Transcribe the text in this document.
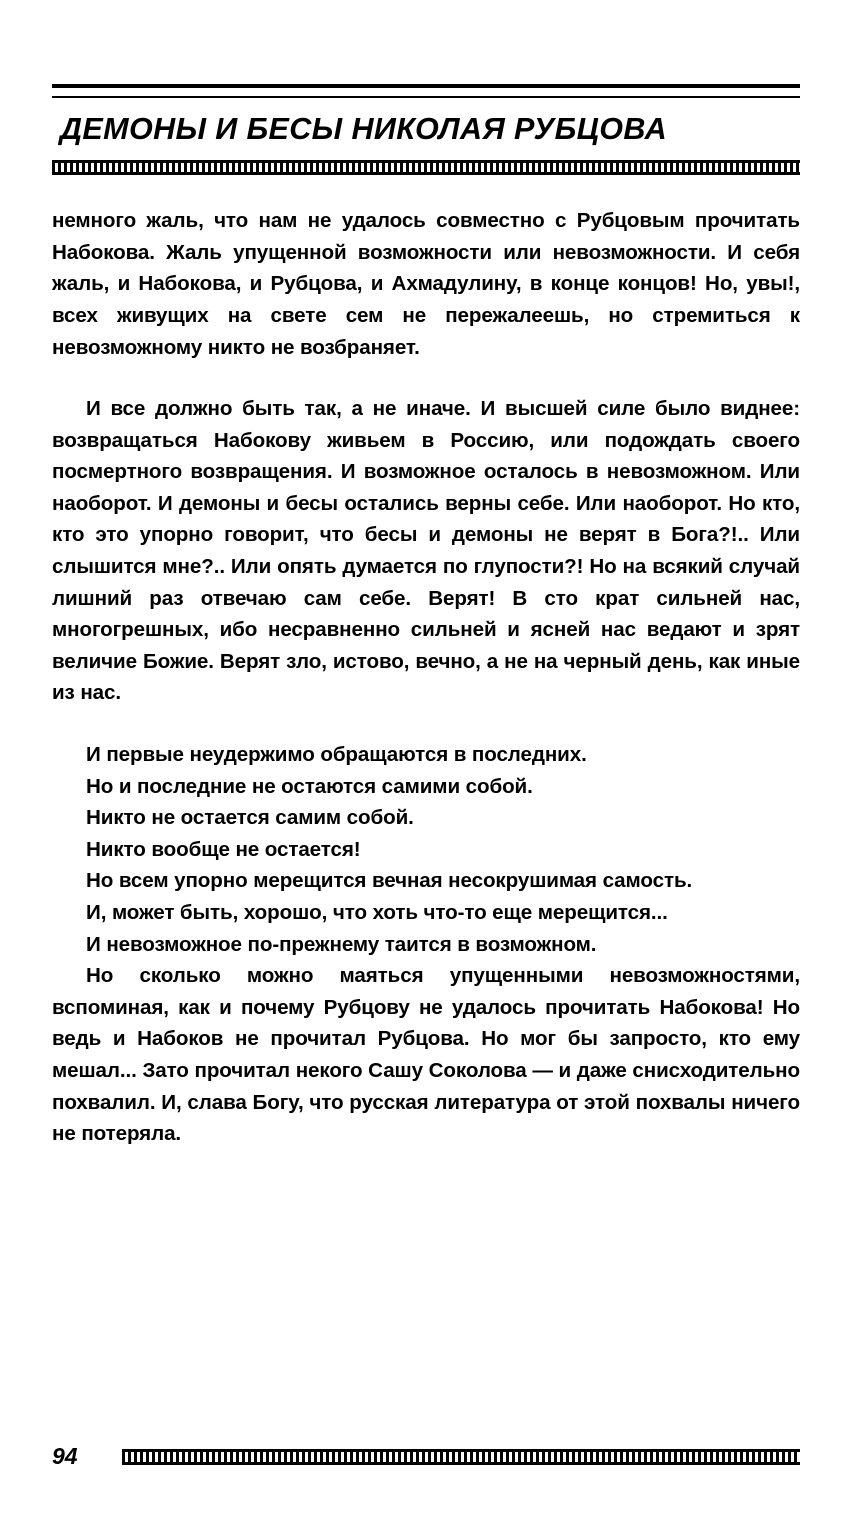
ДЕМОНЫ И БЕСЫ НИКОЛАЯ РУБЦОВА

немного жаль, что нам не удалось совместно с Рубцовым прочитать Набокова. Жаль упущенной возможности или невозможности. И себя жаль, и Набокова, и Рубцова, и Ахмадулину, в конце концов! Но, увы!, всех живущих на свете сем не пережалеешь, но стремиться к невозможному никто не возбраняет.

И все должно быть так, а не иначе. И высшей силе было виднее: возвращаться Набокову живьем в Россию, или подождать своего посмертного возвращения. И возможное осталось в невозможном. Или наоборот. И демоны и бесы остались верны себе. Или наоборот. Но кто, кто это упорно говорит, что бесы и демоны не верят в Бога?!.. Или слышится мне?.. Или опять думается по глупости?! Но на всякий случай лишний раз отвечаю сам себе. Верят! В сто крат сильней нас, многогрешных, ибо несравненно сильней и ясней нас ведают и зрят величие Божие. Верят зло, истово, вечно, а не на черный день, как иные из нас.

И первые неудержимо обращаются в последних.

Но и последние не остаются самими собой.

Никто не остается самим собой.

Никто вообще не остается!

Но всем упорно мерещится вечная несокрушимая самость.

И, может быть, хорошо, что хоть что-то еще мерещится...

И невозможное по-прежнему таится в возможном.

Но сколько можно маяться упущенными невозможностями, вспоминая, как и почему Рубцову не удалось прочитать Набокова! Но ведь и Набоков не прочитал Рубцова. Но мог бы запросто, кто ему мешал... Зато прочитал некого Сашу Соколова — и даже снисходительно похвалил. И, слава Богу, что русская литература от этой похвалы ничего не потеряла.

94
